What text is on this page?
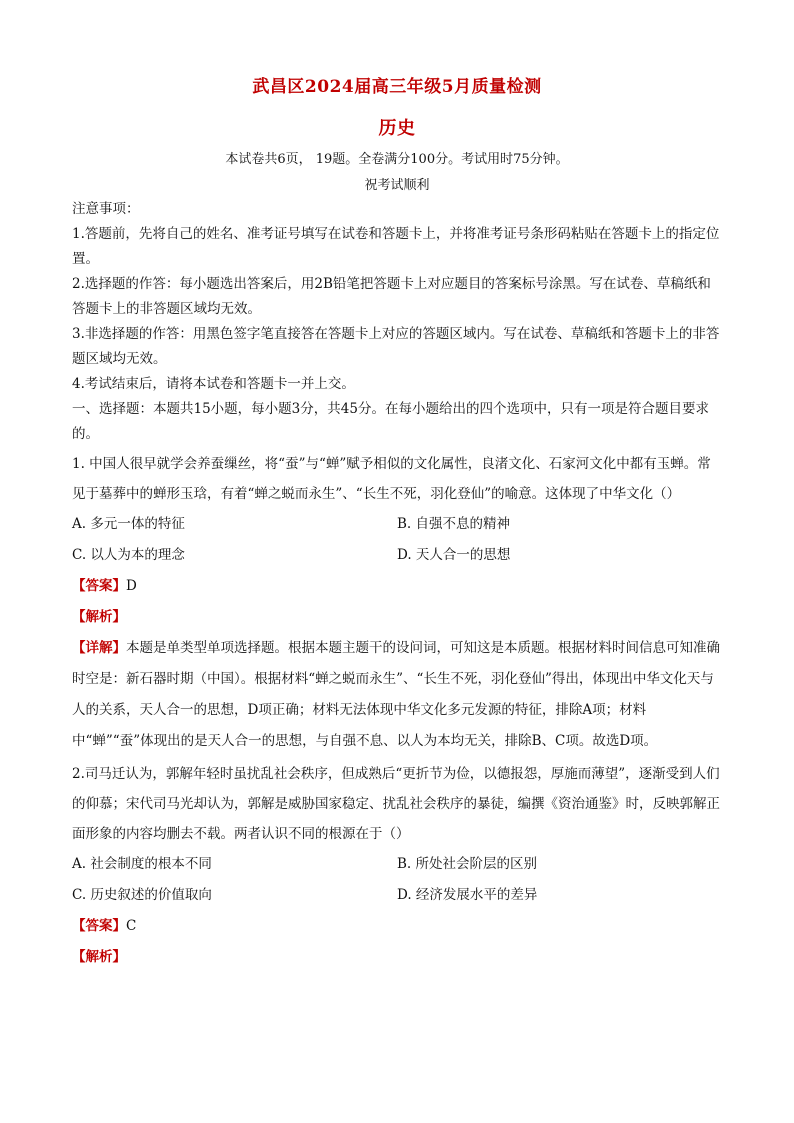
武昌区2024届高三年级5月质量检测
历史
本试卷共6页， 19题。全卷满分100分。考试用时75分钟。
祝考试顺利
注意事项：
1.答题前，先将自己的姓名、准考证号填写在试卷和答题卡上，并将准考证号条形码粘贴在答题卡上的指定位置。
2.选择题的作答：每小题选出答案后，用2B铅笔把答题卡上对应题目的答案标号涂黑。写在试卷、草稿纸和答题卡上的非答题区域均无效。
3.非选择题的作答：用黑色签字笔直接答在答题卡上对应的答题区域内。写在试卷、草稿纸和答题卡上的非答题区域均无效。
4.考试结束后，请将本试卷和答题卡一并上交。
一、选择题：本题共15小题，每小题3分，共45分。在每小题给出的四个选项中，只有一项是符合题目要求的。
1. 中国人很早就学会养蚕缫丝，将“蚕”与“蝉”赋予相似的文化属性，良渚文化、石家河文化中都有玉蝉。常见于墓葬中的蝉形玉琀，有着“蝉之蜕而永生”、“长生不死，羽化登仙”的喻意。这体现了中华文化（）
A. 多元一体的特征	B. 自强不息的精神
C. 以人为本的理念	D. 天人合一的思想
【答案】D
【解析】
【详解】本题是单类型单项选择题。根据本题主题干的设问词，可知这是本质题。根据材料时间信息可知准确时空是：新石器时期（中国）。根据材料“蝉之蜕而永生”、“长生不死，羽化登仙”得出，体现出中华文化天与人的关系，天人合一的思想，D项正确；材料无法体现中华文化多元发源的特征，排除A项；材料中“蝉”“蚕”体现出的是天人合一的思想，与自强不息、以人为本均无关，排除B、C项。故选D项。
2.司马迁认为，郭解年轻时虽扰乱社会秩序，但成熟后“更折节为俭，以德报怨，厚施而薄望”，逐渐受到人们的仰慕；宋代司马光却认为，郭解是威胁国家稳定、扰乱社会秩序的暴徒，编撰《资治通鉴》时，反映郭解正面形象的内容均删去不载。两者认识不同的根源在于（）
A. 社会制度的根本不同	B. 所处社会阶层的区别
C. 历史叙述的价值取向	D. 经济发展水平的差异
【答案】C
【解析】
